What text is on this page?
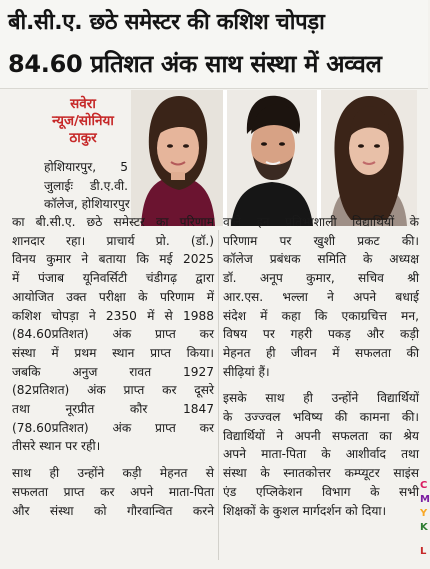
बी.सी.ए. छठे समेस्टर की कशिश चोपड़ा
84.60 प्रतिशत अंक साथ संस्था में अव्वल
सवेरा
न्यूज/सोनिया
ठाकुर
होशियारपुर, 5
जुलाईः डी.ए.वी.
कॉलेज, होशियारपुर
का बी.सी.ए. छठे समेस्टर का परिणाम
शानदार रहा। प्राचार्य प्रो. (डॉ.)
विनय कुमार ने बताया कि मई 2025
में पंजाब यूनिवर्सिटी चंडीगढ़ द्वारा
आयोजित उक्त परीक्षा के परिणाम में
कशिश चोपड़ा ने 2350 में से 1988
(84.60प्रतिशत) अंक प्राप्त कर
संस्था में प्रथम स्थान प्राप्त किया।
जबकि अनुज रावत 1927
(82प्रतिशत) अंक प्राप्त कर दूसरे
तथा नूरप्रीत कौर 1847
(78.60प्रतिशत) अंक प्राप्त कर
तीसरे स्थान पर रही।
साथ ही उन्होंने कड़ी मेहनत से
सफलता प्राप्त कर अपने माता-पिता
और संस्था को गौरवान्वित करने
वाले इन प्रतिभाशाली विद्यार्थियों के
परिणाम पर खुशी प्रकट की।
कॉलेज प्रबंधक समिति के अध्यक्ष
डॉ. अनूप कुमार, सचिव श्री
आर.एस. भल्ला ने अपने बधाई
संदेश में कहा कि एकाग्रचित्त मन,
विषय पर गहरी पकड़ और कड़ी
मेहनत ही जीवन में सफलता की
सीढ़ियां हैं।
इसके साथ ही उन्होंने विद्यार्थियों
के उज्ज्वल भविष्य की कामना की।
विद्यार्थियों ने अपनी सफलता का श्रेय
अपने माता-पिता के आशीर्वाद तथा
संस्था के स्नातकोत्तर कम्प्यूटर साइंस
एंड एप्लिकेशन विभाग के सभी
शिक्षकों के कुशल मार्गदर्शन को दिया।
C
M
Y
K
L
